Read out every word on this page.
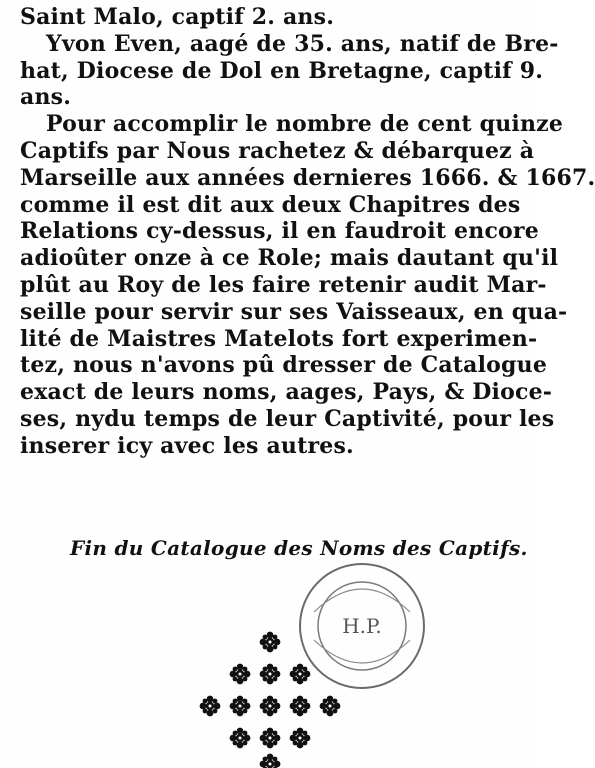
Saint Malo, captif 2. ans.
Yvon Even, aagé de 35. ans, natif de Bre-
hat, Diocese de Dol en Bretagne, captif 9.
ans.
Pour accomplir le nombre de cent quinze
Captifs par Nous rachetez & débarquez à
Marseille aux années dernieres 1666. & 1667.
comme il est dit aux deux Chapitres des
Relations cy-dessus, il en faudroit encore
adioûter onze à ce Role; mais dautant qu'il
plût au Roy de les faire retenir audit Mar-
seille pour servir sur ses Vaisseaux, en qua-
lité de Maistres Matelots fort experimen-
tez, nous n'avons pû dresser de Catalogue
exact de leurs noms, aages, Pays, & Dioce-
ses, nydu temps de leur Captivité, pour les
inserer icy avec les autres.
Fin du Catalogue des Noms des Captifs.
H.P.
